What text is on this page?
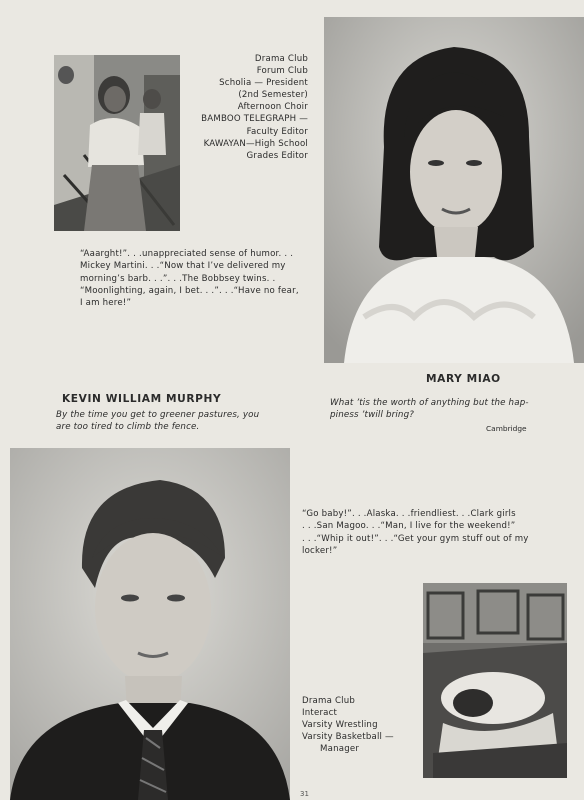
Drama Club
Forum Club
Scholia — President
(2nd Semester)
Afternoon Choir
BAMBOO TELEGRAPH —
Faculty Editor
KAWAYAN—High School
Grades Editor
“Aaarght!”. . .unappreciated sense of humor. . .
Mickey Martini. . .“Now that I’ve delivered my
morning’s barb. . .”. . .The Bobbsey twins. .
“Moonlighting, again, I bet. . .”. . .“Have no fear,
I am here!”
MARY MIAO
What ’tis the worth of anything but the hap-
piness ’twill bring?
Cambridge
KEVIN WILLIAM MURPHY
By the time you get to greener pastures, you
are too tired to climb the fence.
“Go baby!”. . .Alaska. . .friendliest. . .Clark girls
. . .San Magoo. . .“Man, I live for the weekend!”
. . .“Whip it out!”. . .“Get your gym stuff out of my
locker!”
Drama Club
Interact
Varsity Wrestling
Varsity Basketball —
Manager
31
